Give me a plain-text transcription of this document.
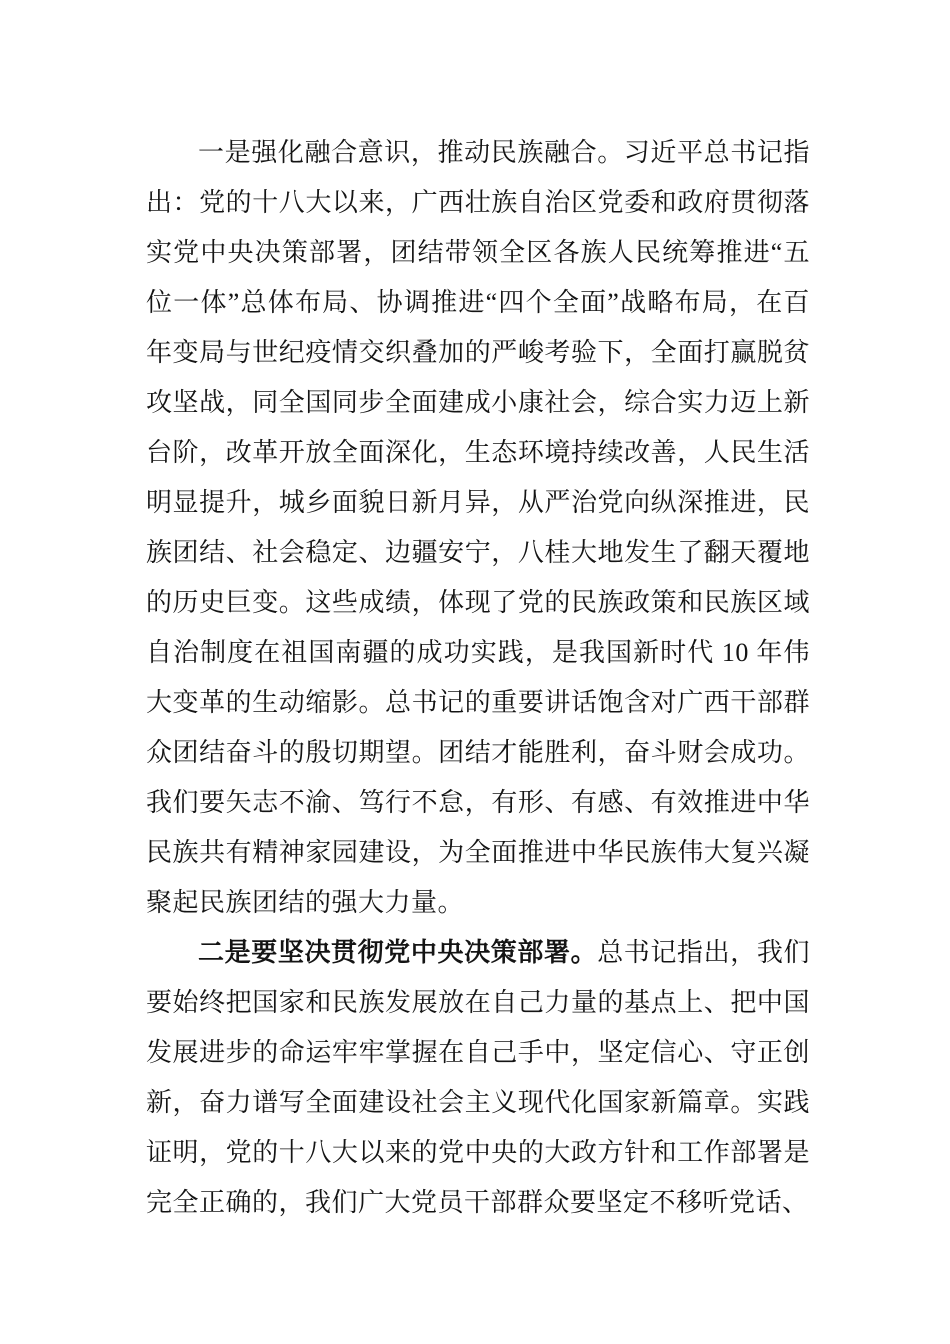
一是强化融合意识，推动民族融合。习近平总书记指出：党的十八大以来，广西壮族自治区党委和政府贯彻落实党中央决策部署，团结带领全区各族人民统筹推进“五位一体”总体布局、协调推进“四个全面”战略布局，在百年变局与世纪疫情交织叠加的严峻考验下，全面打赢脱贫攻坚战，同全国同步全面建成小康社会，综合实力迈上新台阶，改革开放全面深化，生态环境持续改善，人民生活明显提升，城乡面貌日新月异，从严治党向纵深推进，民族团结、社会稳定、边疆安宁，八桂大地发生了翻天覆地的历史巨变。这些成绩，体现了党的民族政策和民族区域自治制度在祖国南疆的成功实践，是我国新时代 10 年伟大变革的生动缩影。总书记的重要讲话饱含对广西干部群众团结奋斗的殷切期望。团结才能胜利，奋斗财会成功。我们要矢志不渝、笃行不怠，有形、有感、有效推进中华民族共有精神家园建设，为全面推进中华民族伟大复兴凝聚起民族团结的强大力量。

二是要坚决贯彻党中央决策部署。总书记指出，我们要始终把国家和民族发展放在自己力量的基点上、把中国发展进步的命运牢牢掌握在自己手中，坚定信心、守正创新，奋力谱写全面建设社会主义现代化国家新篇章。实践证明，党的十八大以来的党中央的大政方针和工作部署是完全正确的，我们广大党员干部群众要坚定不移听党话、
